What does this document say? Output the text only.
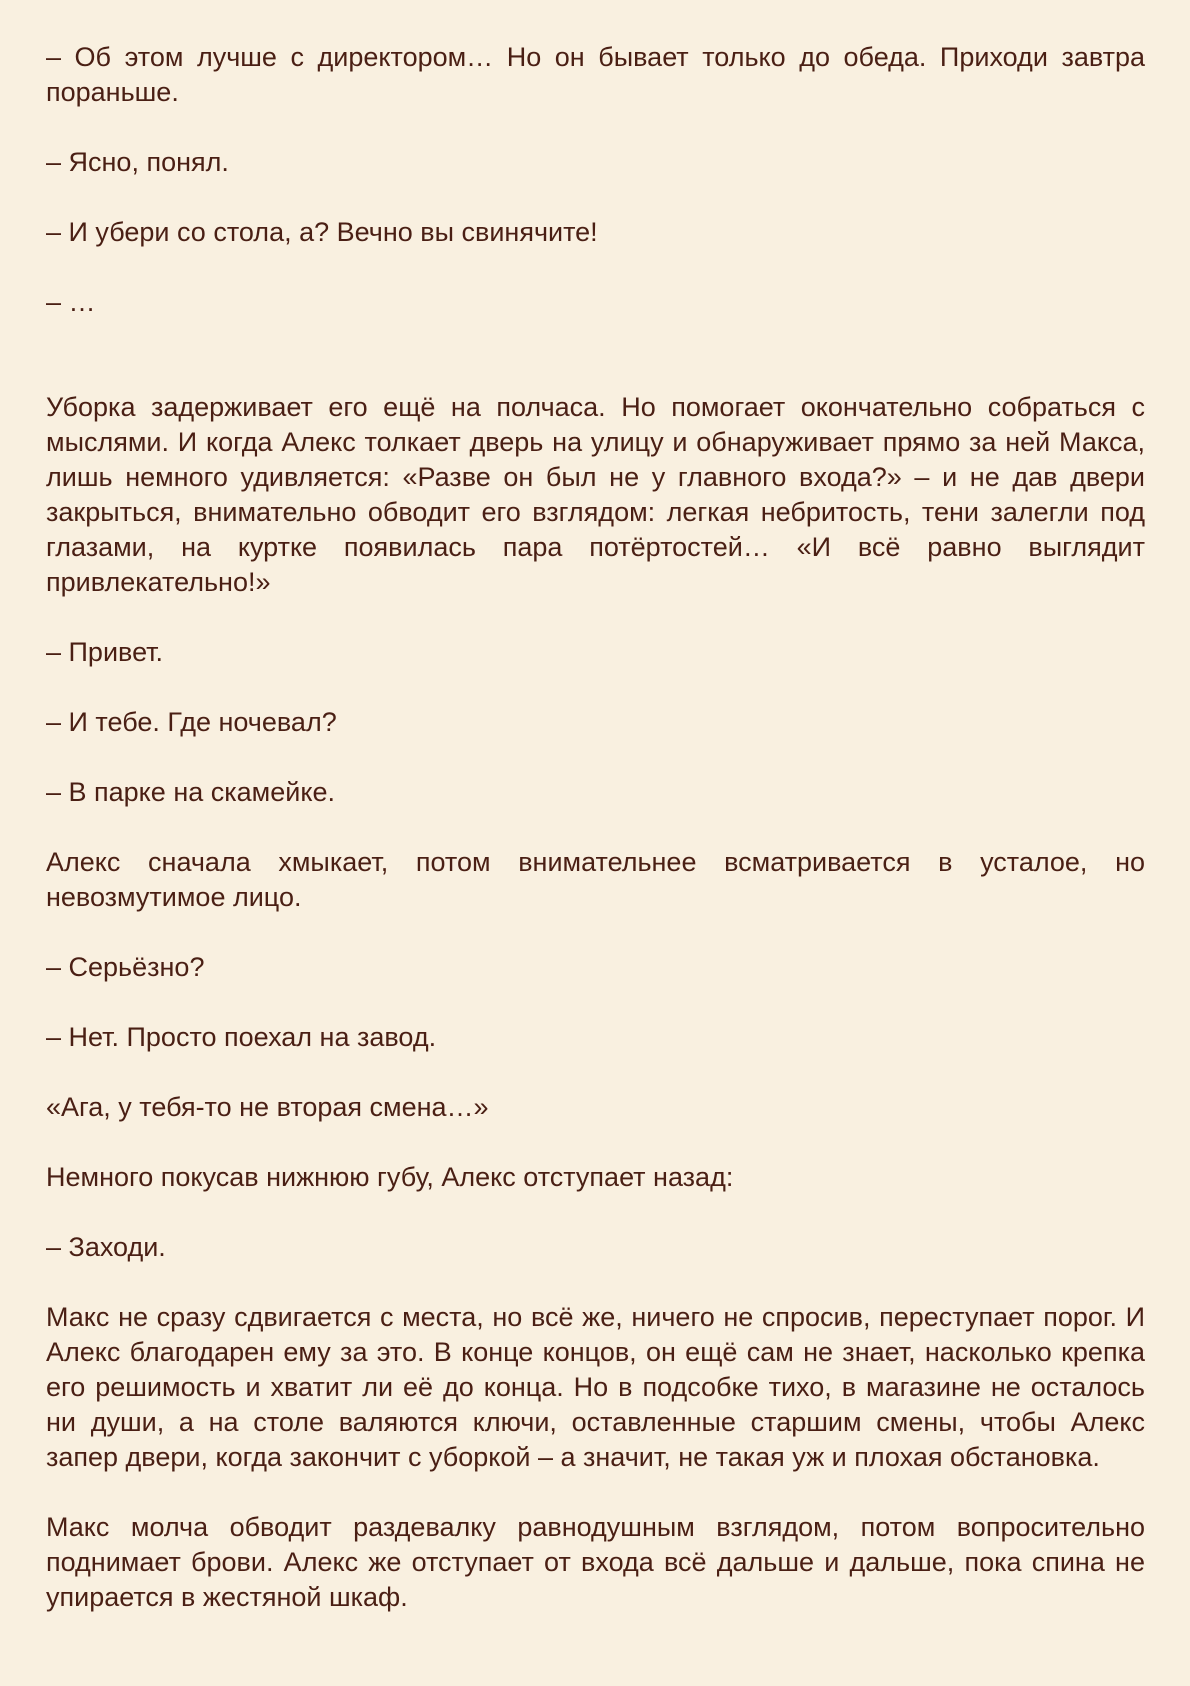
– Об этом лучше с директором… Но он бывает только до обеда. Приходи завтра пораньше.

– Ясно, понял.

– И убери со стола, а? Вечно вы свинячите!

– …

Уборка задерживает его ещё на полчаса. Но помогает окончательно собраться с мыслями. И когда Алекс толкает дверь на улицу и обнаруживает прямо за ней Макса, лишь немного удивляется: «Разве он был не у главного входа?» – и не дав двери закрыться, внимательно обводит его взглядом: легкая небритость, тени залегли под глазами, на куртке появилась пара потёртостей… «И всё равно выглядит привлекательно!»

– Привет.

– И тебе. Где ночевал?

– В парке на скамейке.

Алекс сначала хмыкает, потом внимательнее всматривается в усталое, но невозмутимое лицо.

– Серьёзно?

– Нет. Просто поехал на завод.

«Ага, у тебя-то не вторая смена…»

Немного покусав нижнюю губу, Алекс отступает назад:

– Заходи.

Макс не сразу сдвигается с места, но всё же, ничего не спросив, переступает порог. И Алекс благодарен ему за это. В конце концов, он ещё сам не знает, насколько крепка его решимость и хватит ли её до конца. Но в подсобке тихо, в магазине не осталось ни души, а на столе валяются ключи, оставленные старшим смены, чтобы Алекс запер двери, когда закончит с уборкой – а значит, не такая уж и плохая обстановка.

Макс молча обводит раздевалку равнодушным взглядом, потом вопросительно поднимает брови. Алекс же отступает от входа всё дальше и дальше, пока спина не упирается в жестяной шкаф.
